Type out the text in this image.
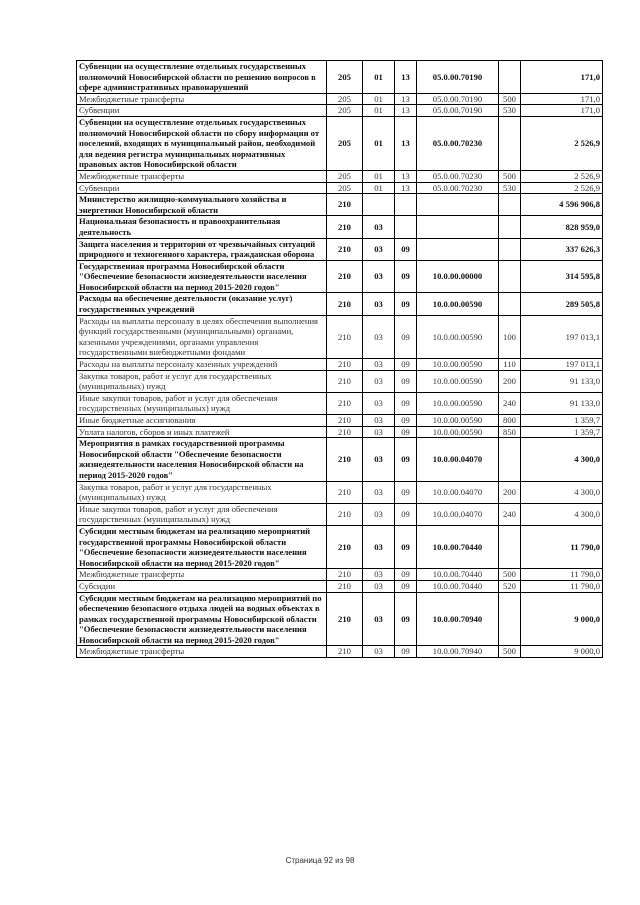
Субвенции на осуществление отдельных государственных полномочий Новосибирской области по решению вопросов в сфере административных правонарушений	205	01	13	05.0.00.70190		171,0
Межбюджетные трансферты	205	01	13	05.0.00.70190	500	171,0
Субвенции	205	01	13	05.0.00.70190	530	171,0
Субвенции на осуществление отдельных государственных полномочий Новосибирской области по сбору информации от поселений, входящих в муниципальный район, необходимой для ведения регистра муниципальных нормативных правовых актов Новосибирской области	205	01	13	05.0.00.70230		2 526,9
Межбюджетные трансферты	205	01	13	05.0.00.70230	500	2 526,9
Субвенции	205	01	13	05.0.00.70230	530	2 526,9
Министерство жилищно-коммунального хозяйства и энергетики Новосибирской области	210					4 596 906,8
Национальная безопасность и правоохранительная деятельность	210	03				828 959,0
Защита населения и территории от чрезвычайных ситуаций природного и техногенного характера, гражданская оборона	210	03	09			337 626,3
Государственная программа Новосибирской области "Обеспечение безопасности жизнедеятельности населения Новосибирской области на период 2015-2020 годов"	210	03	09	10.0.00.00000		314 595,8
Расходы на обеспечение деятельности (оказание услуг) государственных учреждений	210	03	09	10.0.00.00590		289 505,8
Расходы на выплаты персоналу в целях обеспечения выполнения функций государственными (муниципальными) органами, казенными учреждениями, органами управления государственными внебюджетными фондами	210	03	09	10.0.00.00590	100	197 013,1
Расходы на выплаты персоналу казенных учреждений	210	03	09	10.0.00.00590	110	197 013,1
Закупка товаров, работ и услуг для государственных (муниципальных) нужд	210	03	09	10.0.00.00590	200	91 133,0
Иные закупки товаров, работ и услуг для обеспечения государственных (муниципальных) нужд	210	03	09	10.0.00.00590	240	91 133,0
Иные бюджетные ассигнования	210	03	09	10.0.00.00590	800	1 359,7
Уплата налогов, сборов и иных платежей	210	03	09	10.0.00.00590	850	1 359,7
Мероприятия в рамках государственной программы Новосибирской области "Обеспечение безопасности жизнедеятельности населения Новосибирской области на период 2015-2020 годов"	210	03	09	10.0.00.04070		4 300,0
Закупка товаров, работ и услуг для государственных (муниципальных) нужд	210	03	09	10.0.00.04070	200	4 300,0
Иные закупки товаров, работ и услуг для обеспечения государственных (муниципальных) нужд	210	03	09	10.0.00.04070	240	4 300,0
Субсидии местным бюджетам на реализацию мероприятий государственной программы Новосибирской области "Обеспечение безопасности жизнедеятельности населения Новосибирской области на период 2015-2020 годов"	210	03	09	10.0.00.70440		11 790,0
Межбюджетные трансферты	210	03	09	10.0.00.70440	500	11 790,0
Субсидии	210	03	09	10.0.00.70440	520	11 790,0
Субсидии местным бюджетам на реализацию мероприятий по обеспечению безопасного отдыха людей на водных объектах в рамках государственной программы Новосибирской области "Обеспечение безопасности жизнедеятельности населения Новосибирской области на период 2015-2020 годов"	210	03	09	10.0.00.70940		9 000,0
Межбюджетные трансферты	210	03	09	10.0.00.70940	500	9 000,0
Страница 92 из 98
